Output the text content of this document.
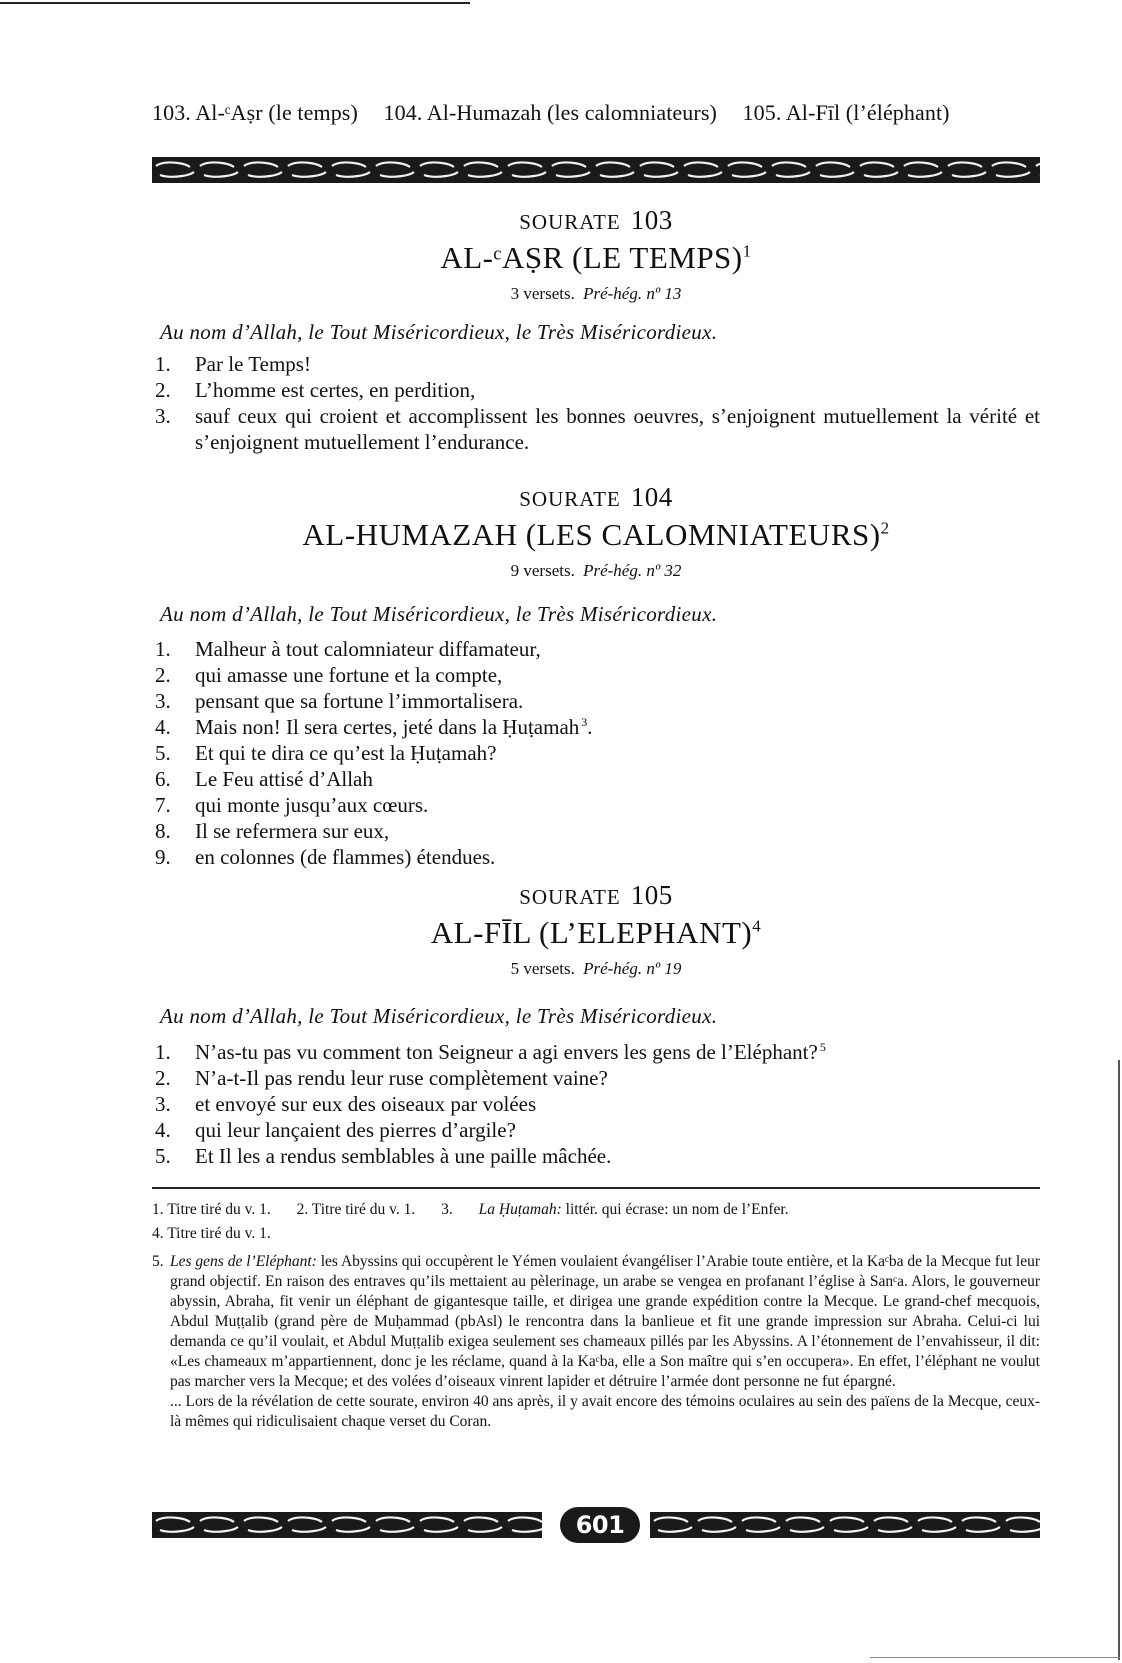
103. Al-ᶜAṣr (le temps) 104. Al-Humazah (les calomniateurs) 105. Al-Fīl (l’éléphant)
SOURATE 103
AL-ᶜAṢR (LE TEMPS)$^1$
3 versets. Pré-hég. nº 13
Au nom d’Allah, le Tout Miséricordieux, le Très Miséricordieux.
1. Par le Temps!
2. L’homme est certes, en perdition,
3. sauf ceux qui croient et accomplissent les bonnes oeuvres, s’enjoignent mutuellement la vérité et s’enjoignent mutuellement l’endurance.
SOURATE 104
AL-HUMAZAH (LES CALOMNIATEURS)$^2$
9 versets. Pré-hég. nº 32
Au nom d’Allah, le Tout Miséricordieux, le Très Miséricordieux.
1. Malheur à tout calomniateur diffamateur,
2. qui amasse une fortune et la compte,
3. pensant que sa fortune l’immortalisera.
4. Mais non! Il sera certes, jeté dans la Ḥuṭamah $^3$.
5. Et qui te dira ce qu’est la Ḥuṭamah?
6. Le Feu attisé d’Allah
7. qui monte jusqu’aux cœurs.
8. Il se refermera sur eux,
9. en colonnes (de flammes) étendues.
SOURATE 105
AL-FĪL (L’ELEPHANT)$^4$
5 versets. Pré-hég. nº 19
Au nom d’Allah, le Tout Miséricordieux, le Très Miséricordieux.
1. N’as-tu pas vu comment ton Seigneur a agi envers les gens de l’Eléphant? $^5$
2. N’a-t-Il pas rendu leur ruse complètement vaine?
3. et envoyé sur eux des oiseaux par volées
4. qui leur lançaient des pierres d’argile?
5. Et Il les a rendus semblables à une paille mâchée.
1. Titre tiré du v. 1. 2. Titre tiré du v. 1. 3. La Ḥuṭamah: littér. qui écrase: un nom de l’Enfer.
4. Titre tiré du v. 1.
5. Les gens de l’Eléphant: les Abyssins qui occupèrent le Yémen voulaient évangéliser l’Arabie toute entière, et la Kaᶜba de la Mecque fut leur grand objectif. En raison des entraves qu’ils mettaient au pèlerinage, un arabe se vengea en profanant l’église à Sanᶜa. Alors, le gouverneur abyssin, Abraha, fit venir un éléphant de gigantesque taille, et dirigea une grande expédition contre la Mecque. Le grand-chef mecquois, Abdul Muṭṭalib (grand père de Muḥammad (pbAsl) le rencontra dans la banlieue et fit une grande impression sur Abraha. Celui-ci lui demanda ce qu’il voulait, et Abdul Muṭṭalib exigea seulement ses chameaux pillés par les Abyssins. A l’étonnement de l’envahisseur, il dit: «Les chameaux m’appartiennent, donc je les réclame, quand à la Kaᶜba, elle a Son maître qui s’en occupera». En effet, l’éléphant ne voulut pas marcher vers la Mecque; et des volées d’oiseaux vinrent lapider et détruire l’armée dont personne ne fut épargné.
... Lors de la révélation de cette sourate, environ 40 ans après, il y avait encore des témoins oculaires au sein des païens de la Mecque, ceux-là mêmes qui ridiculisaient chaque verset du Coran.
601
